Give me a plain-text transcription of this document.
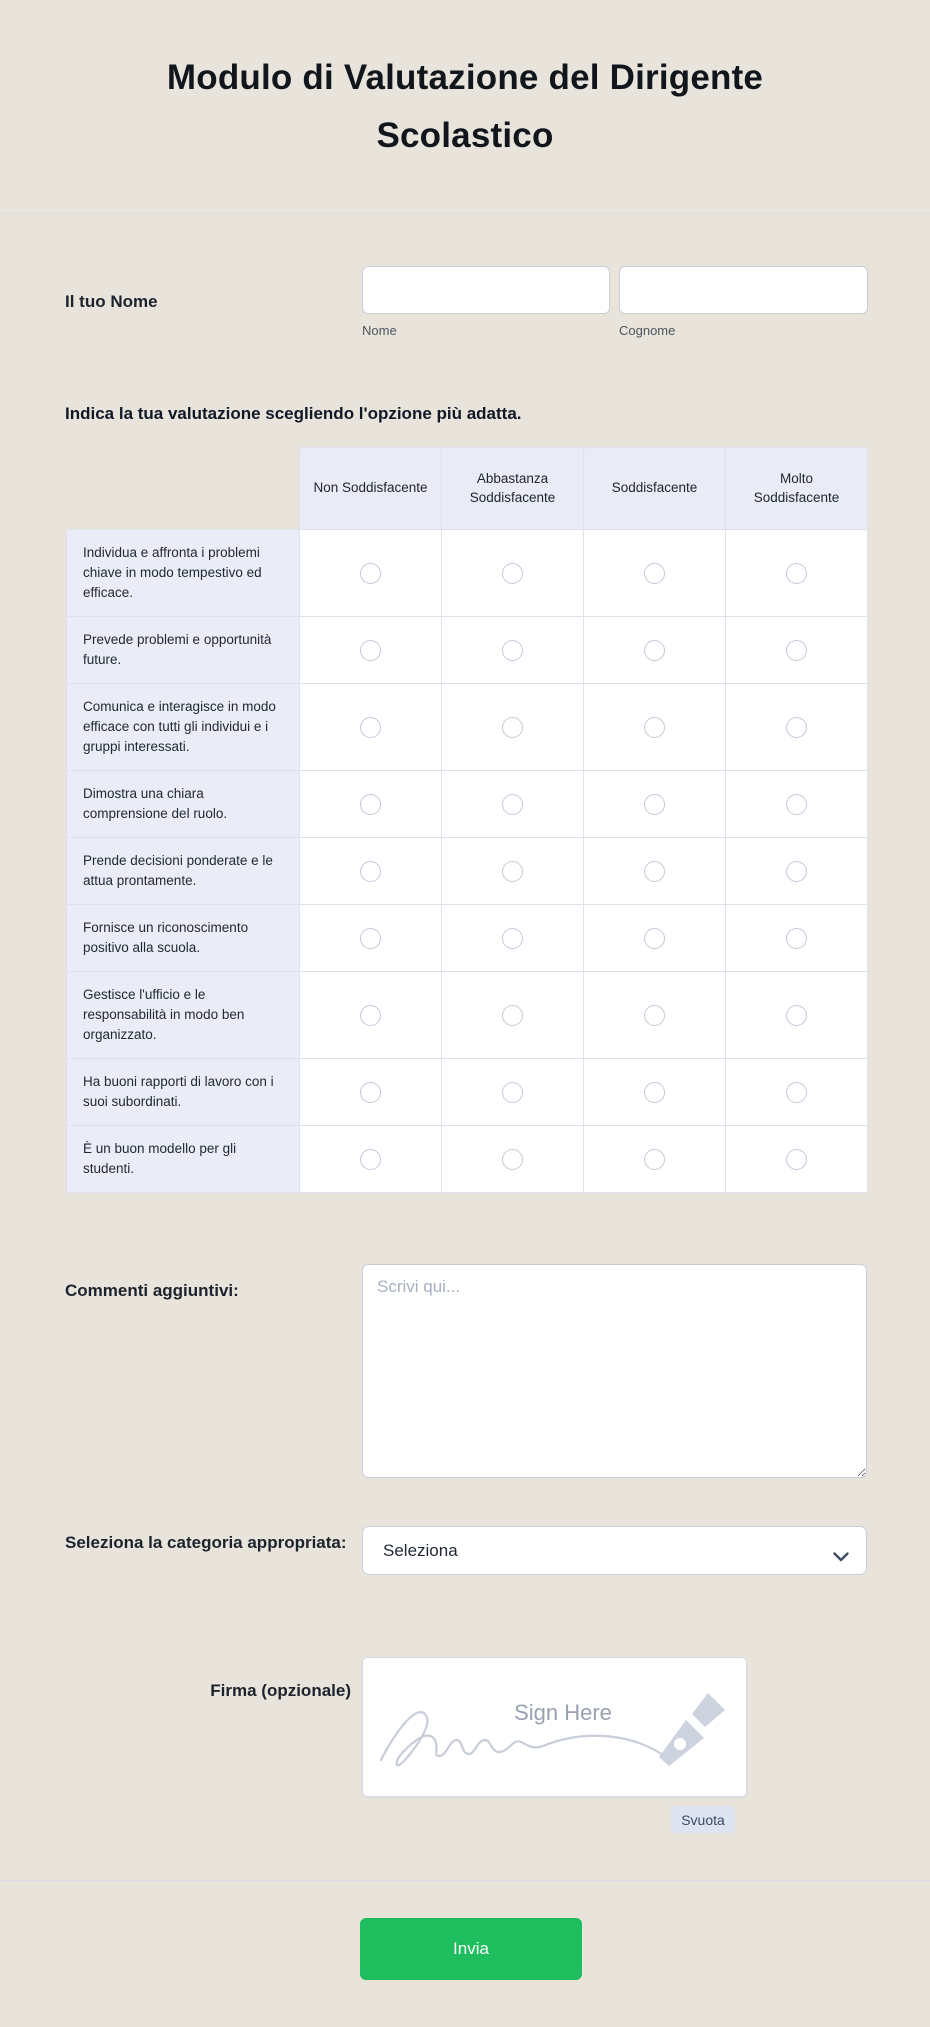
Modulo di Valutazione del Dirigente Scolastico
Il tuo Nome
Nome	Cognome
Indica la tua valutazione scegliendo l'opzione più adatta.
	Non Soddisfacente	Abbastanza Soddisfacente	Soddisfacente	Molto Soddisfacente
Individua e affronta i problemi chiave in modo tempestivo ed efficace.				
Prevede problemi e opportunità future.				
Comunica e interagisce in modo efficace con tutti gli individui e i gruppi interessati.				
Dimostra una chiara comprensione del ruolo.				
Prende decisioni ponderate e le attua prontamente.				
Fornisce un riconoscimento positivo alla scuola.				
Gestisce l'ufficio e le responsabilità in modo ben organizzato.				
Ha buoni rapporti di lavoro con i suoi subordinati.				
È un buon modello per gli studenti.				
Commenti aggiuntivi:
Scrivi qui...
Seleziona la categoria appropriata:	Seleziona
Firma (opzionale)
Sign Here
Svuota
Invia
